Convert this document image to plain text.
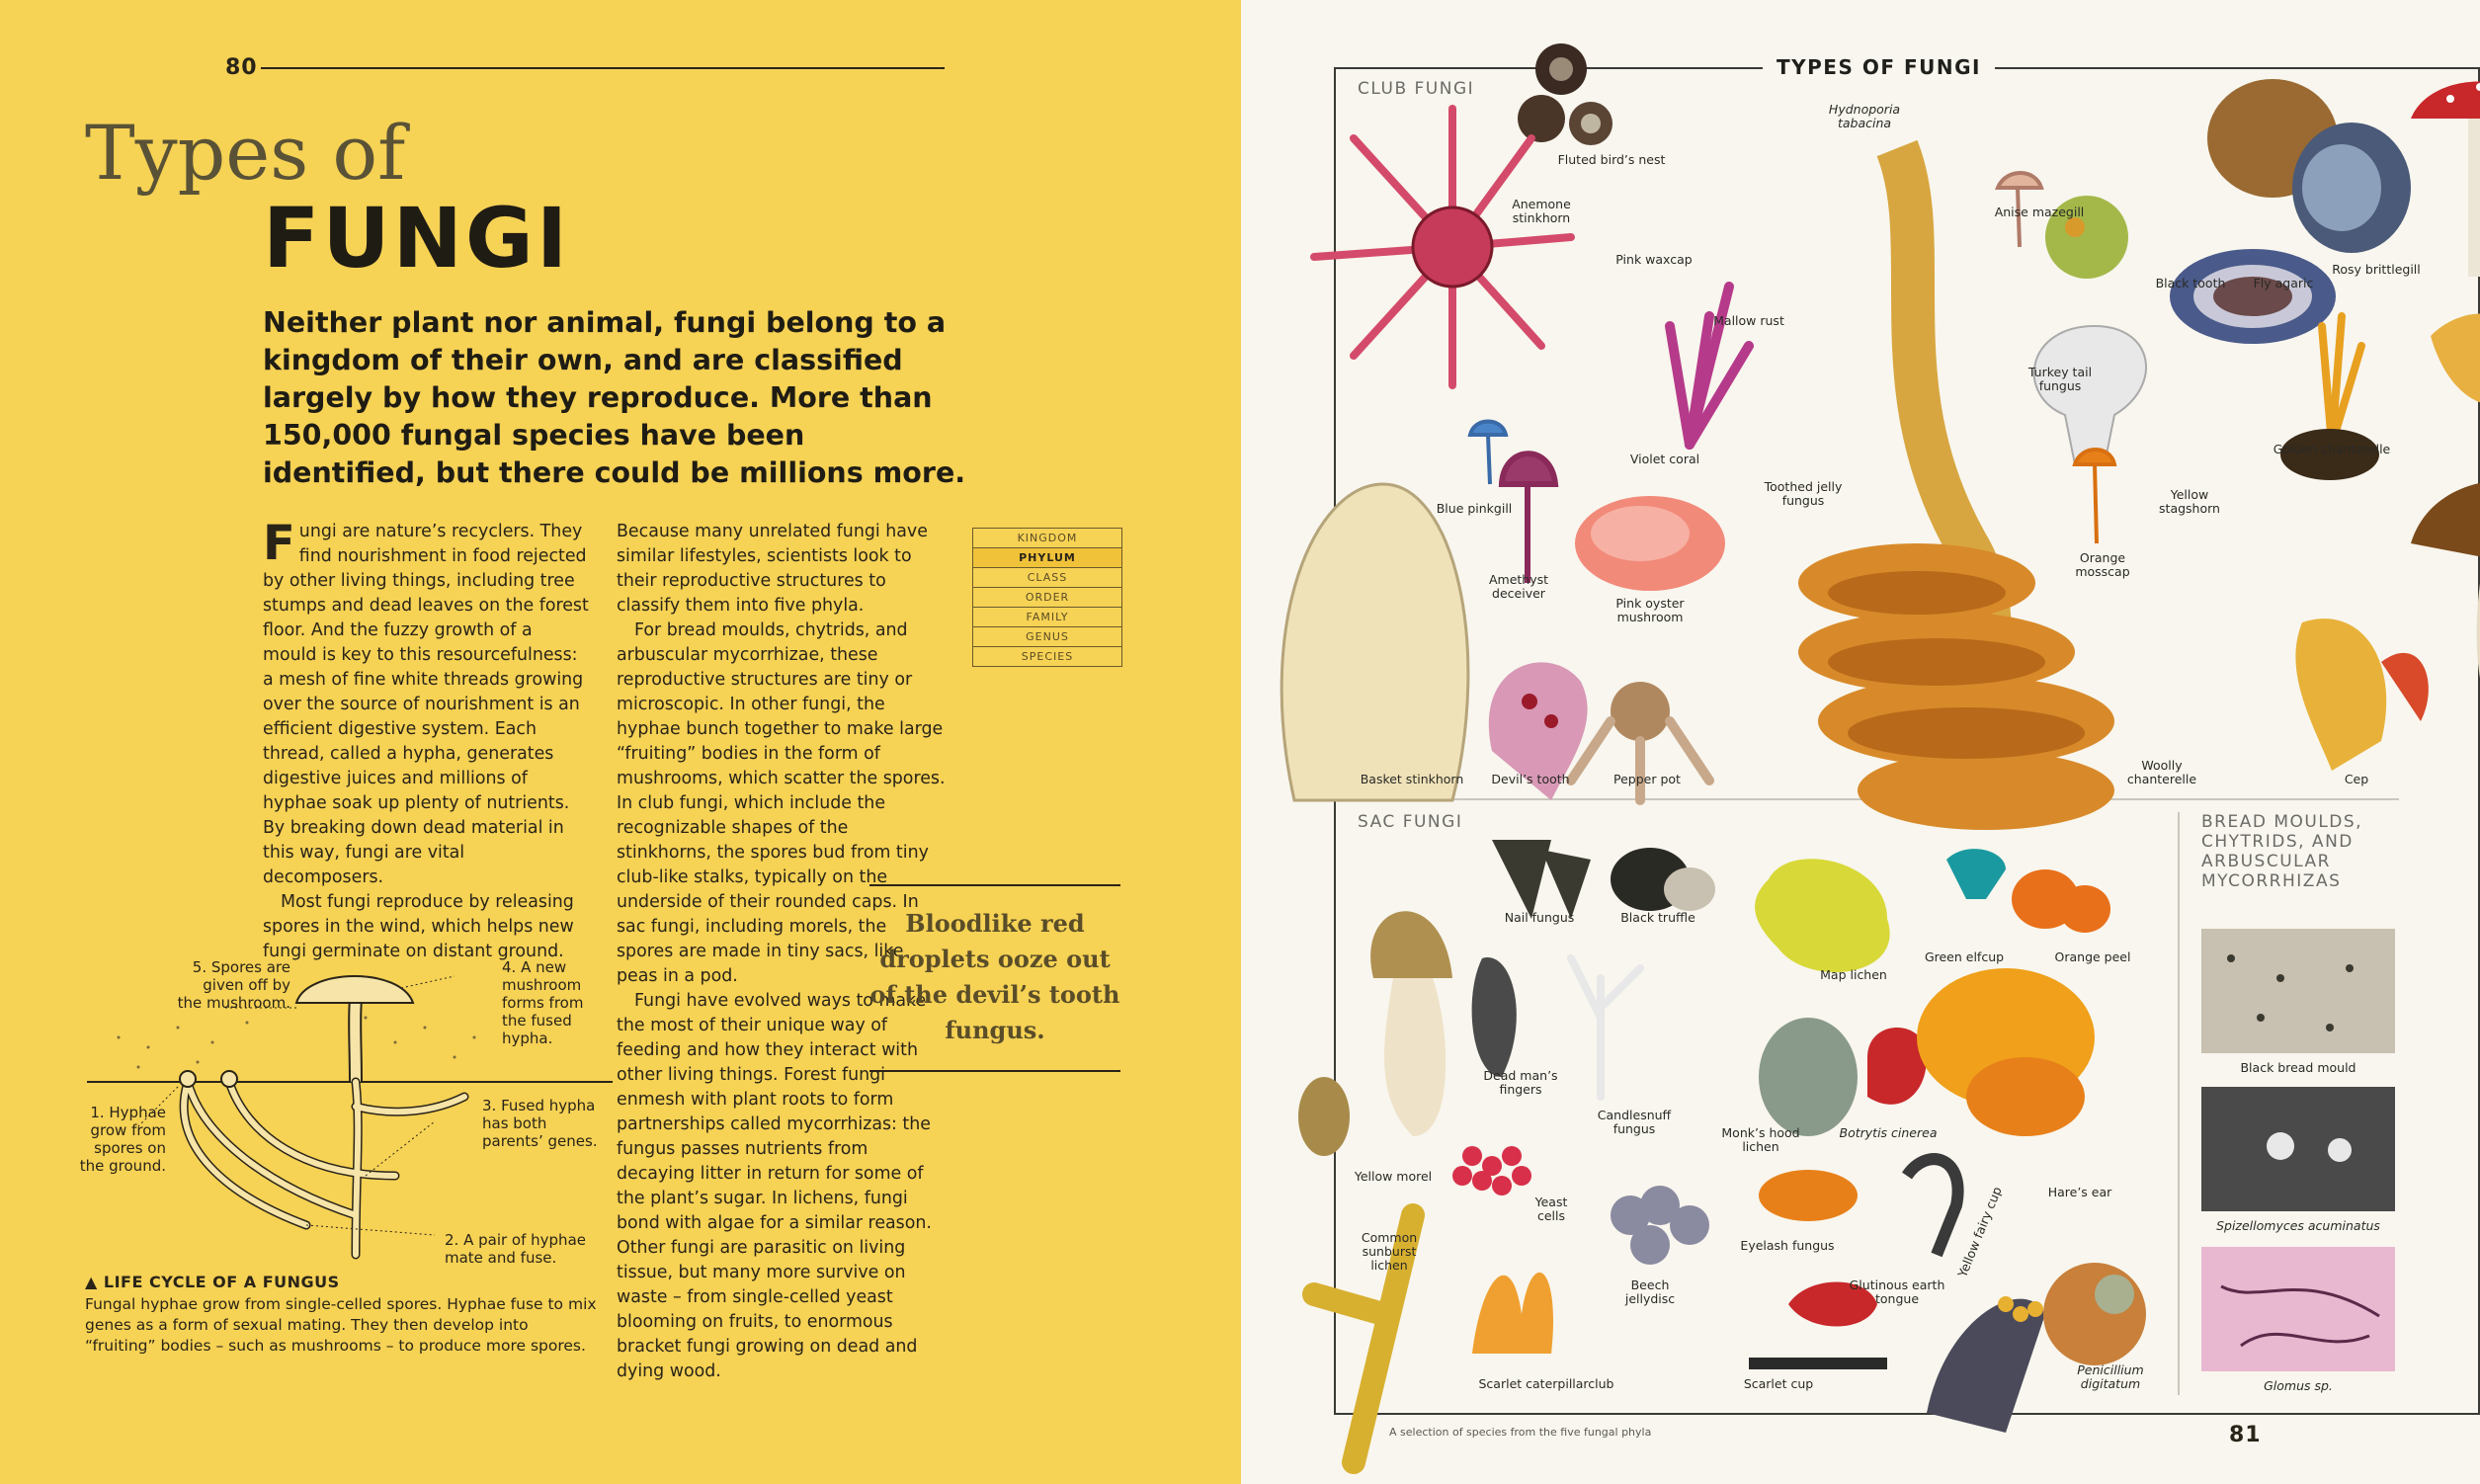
80
Types of
FUNGI
Neither plant nor animal, fungi belong to a kingdom of their own, and are classified largely by how they reproduce. More than 150,000 fungal species have been identified, but there could be millions more.

Fungi are nature’s recyclers. They find nourishment in food rejected by other living things, including tree stumps and dead leaves on the forest floor. And the fuzzy growth of a mould is key to this resourcefulness: a mesh of fine white threads growing over the source of nourishment is an efficient digestive system. Each thread, called a hypha, generates digestive juices and millions of hyphae soak up plenty of nutrients. By breaking down dead material in this way, fungi are vital decomposers.

Most fungi reproduce by releasing spores in the wind, which helps new fungi germinate on distant ground.

Because many unrelated fungi have similar lifestyles, scientists look to their reproductive structures to classify them into five phyla.

For bread moulds, chytrids, and arbuscular mycorrhizae, these reproductive structures are tiny or microscopic. In other fungi, the hyphae bunch together to make large “fruiting” bodies in the form of mushrooms, which scatter the spores. In club fungi, which include the recognizable shapes of the stinkhorns, the spores bud from tiny club-like stalks, typically on the underside of their rounded caps. In sac fungi, including morels, the spores are made in tiny sacs, like peas in a pod.

Fungi have evolved ways to make the most of their unique way of feeding and how they interact with other living things. Forest fungi enmesh with plant roots to form partnerships called mycorrhizas: the fungus passes nutrients from decaying litter in return for some of the plant’s sugar. In lichens, fungi bond with algae for a similar reason. Other fungi are parasitic on living tissue, but many more survive on waste – from single-celled yeast blooming on fruits, to enormous bracket fungi growing on dead and dying wood.

KINGDOM
PHYLUM
CLASS
ORDER
FAMILY
GENUS
SPECIES
Bloodlike red droplets ooze out of the devil’s tooth fungus.
5. Spores are given off by the mushroom.
4. A new mushroom forms from the fused hypha.
1. Hyphae grow from spores on the ground.
3. Fused hypha has both parents’ genes.
2. A pair of hyphae mate and fuse.
▲ LIFE CYCLE OF A FUNGUS
Fungal hyphae grow from single-celled spores. Hyphae fuse to mix genes as a form of sexual mating. They then develop into “fruiting” bodies – such as mushrooms – to produce more spores.
TYPES OF FUNGI
CLUB FUNGI
SAC FUNGI	BREAD MOULDS, CHYTRIDS, AND ARBUSCULAR MYCORRHIZAS
Fluted bird’s nest
Hydnoporia tabacina
Anise mazegill
Anemone stinkhorn
Pink waxcap
Mallow rust
Black tooth	Fly agaric
Rosy brittlegill
Turkey tail fungus
Golden chanterelle
Violet coral
Toothed jelly fungus	Yellow stagshorn
Blue pinkgill
Amethyst deceiver
Pink oyster mushroom
Orange mosscap
Basket stinkhorn	Devil’s tooth	Pepper pot
Woolly chanterelle	Cep
Nail fungus	Black truffle
Map lichen
Green elfcup	Orange peel
Dead man’s fingers
Candlesnuff fungus	Monk’s hood lichen
Botrytis cinerea
Hare’s ear
Yellow morel
Yeast cells
Common sunburst lichen
Beech jellydisc
Eyelash fungus
Glutinous earth tongue
Yellow fairy cup
Scarlet caterpillarclub	Scarlet cup
Penicillium digitatum
Black bread mould
Spizellomyces acuminatus
Glomus sp.
A selection of species from the five fungal phyla	81
